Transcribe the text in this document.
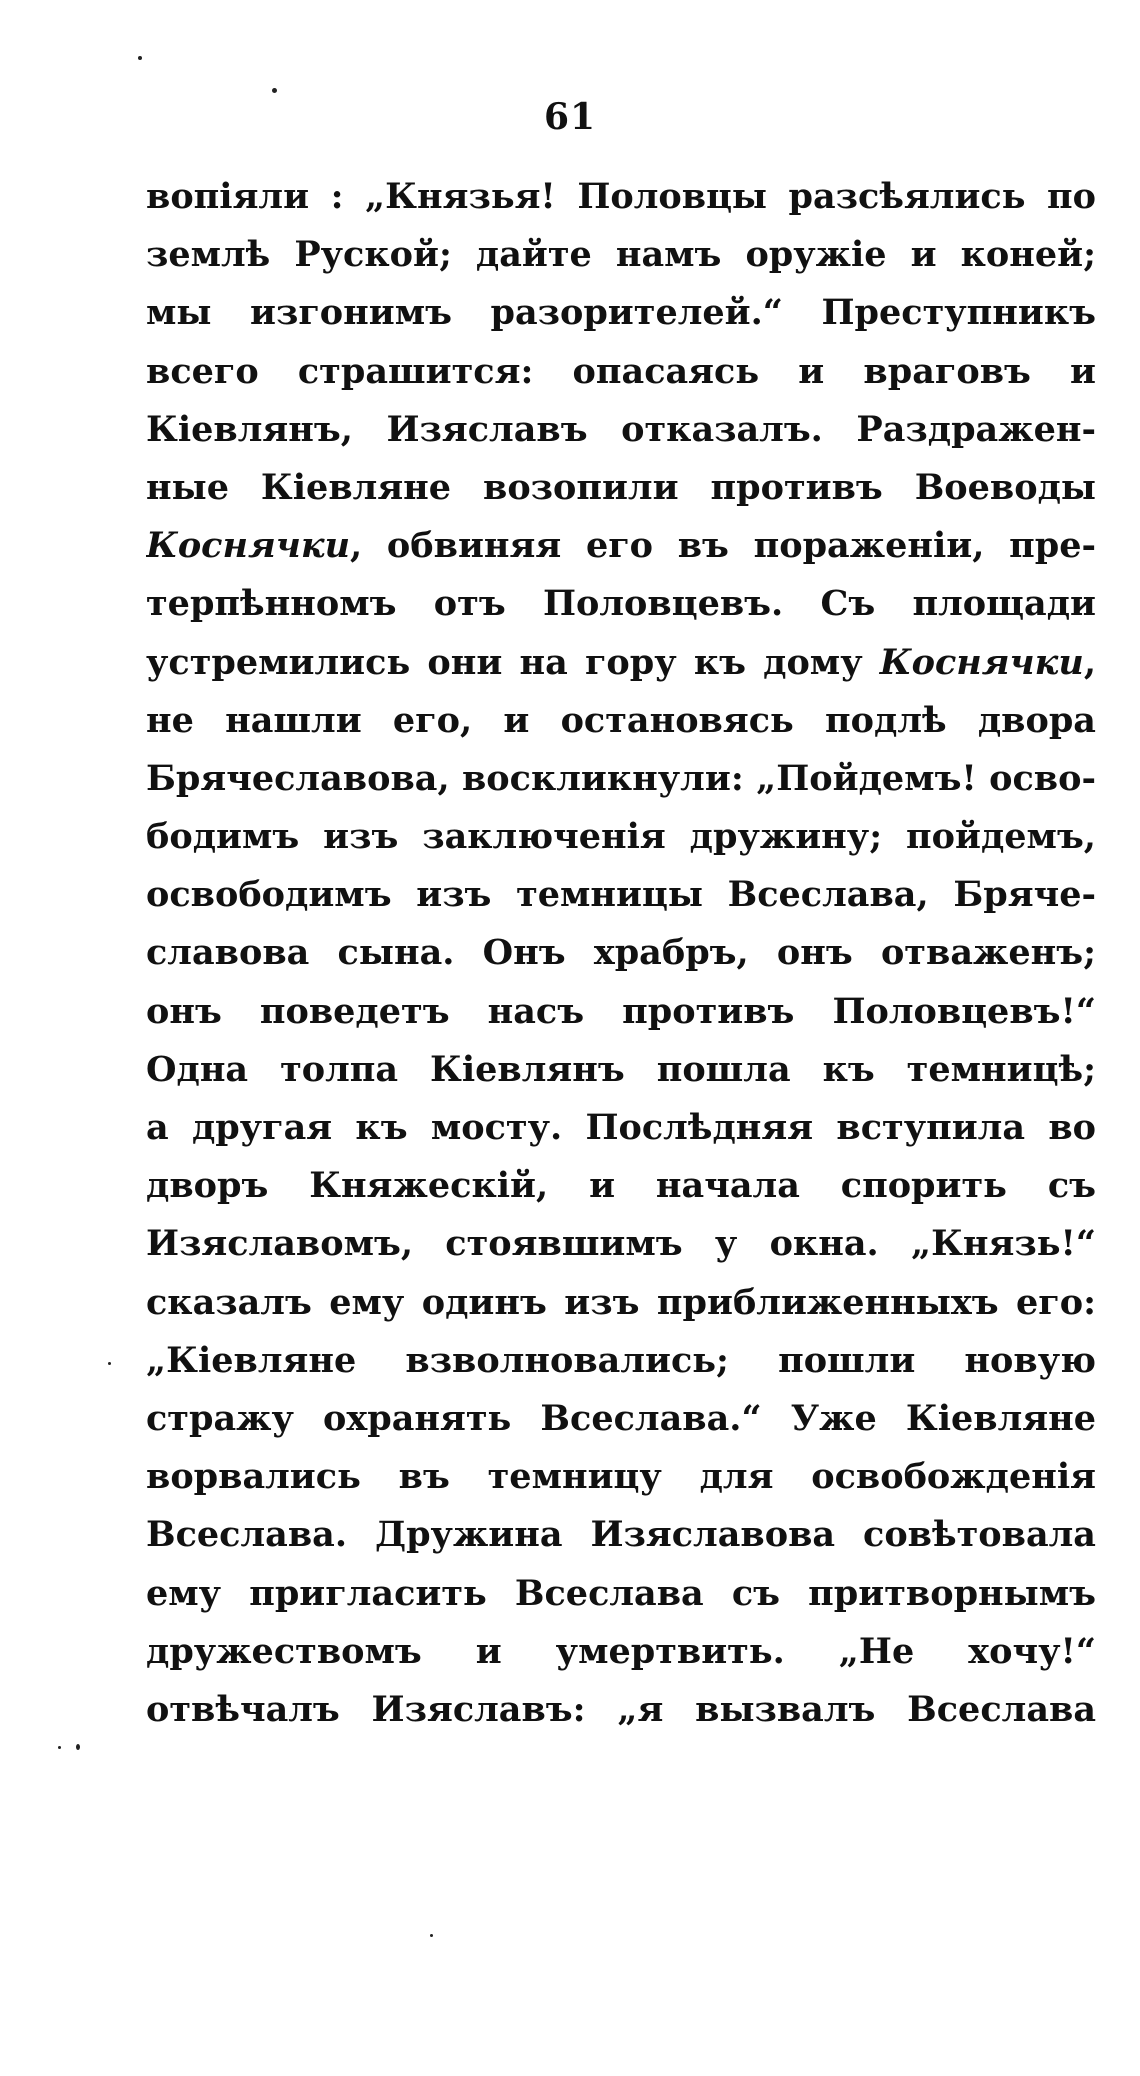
61
вопіяли : „Князья! Половцы разсѣялись по
землѣ Руской; дайте намъ оружіе и коней;
мы изгонимъ разорителей.“ Преступникъ
всего страшится: опасаясь и враговъ и
Кіевлянъ, Изяславъ отказалъ. Раздражен-
ные Кіевляне возопили противъ Воеводы
Коснячки, обвиняя его въ пораженіи, пре-
терпѣнномъ отъ Половцевъ. Съ площади
устремились они на гору къ дому Коснячки,
не нашли его, и остановясь подлѣ двора
Брячеславова, воскликнули: „Пойдемъ! осво-
бодимъ изъ заключенія дружину; пойдемъ,
освободимъ изъ темницы Всеслава, Бряче-
славова сына. Онъ храбръ, онъ отваженъ;
онъ поведетъ насъ противъ Половцевъ!“
Одна толпа Кіевлянъ пошла къ темницѣ;
а другая къ мосту. Послѣдняя вступила во
дворъ Княжескій, и начала спорить съ
Изяславомъ, стоявшимъ у окна. „Князь!“
сказалъ ему одинъ изъ приближенныхъ его:
„Кіевляне взволновались; пошли новую
стражу охранять Всеслава.“ Уже Кіевляне
ворвались въ темницу для освобожденія
Всеслава. Дружина Изяславова совѣтовала
ему пригласить Всеслава съ притворнымъ
дружествомъ и умертвить. „Не хочу!“
отвѣчалъ Изяславъ: „я вызвалъ Всеслава
